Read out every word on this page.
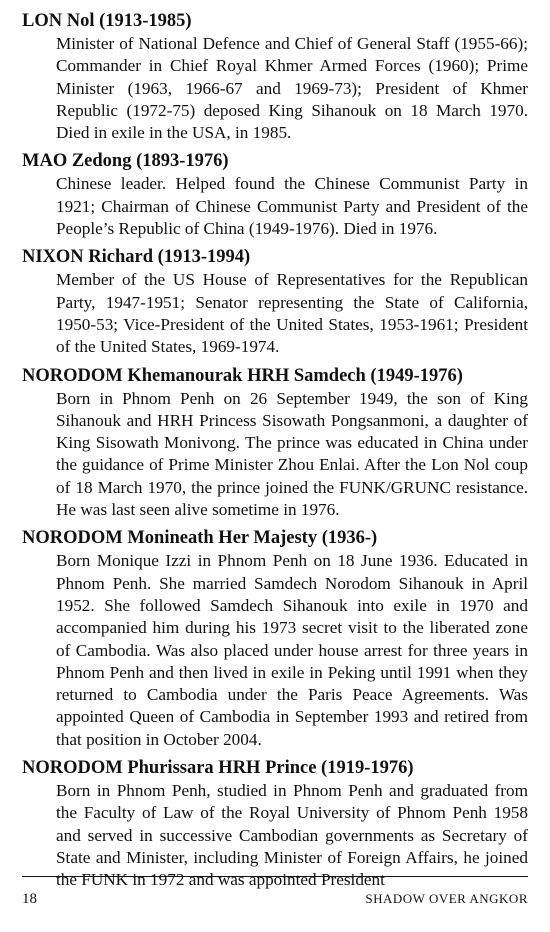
LON Nol (1913-1985)

Minister of National Defence and Chief of General Staff (1955-66); Commander in Chief Royal Khmer Armed Forces (1960); Prime Minister (1963, 1966-67 and 1969-73); President of Khmer Republic (1972-75) deposed King Sihanouk on 18 March 1970. Died in exile in the USA, in 1985.

MAO Zedong (1893-1976)

Chinese leader. Helped found the Chinese Communist Party in 1921; Chairman of Chinese Communist Party and President of the People’s Republic of China (1949-1976). Died in 1976.

NIXON Richard (1913-1994)

Member of the US House of Representatives for the Republican Party, 1947-1951; Senator representing the State of California, 1950-53; Vice-President of the United States, 1953-1961; President of the United States, 1969-1974.

NORODOM Khemanourak HRH Samdech (1949-1976)

Born in Phnom Penh on 26 September 1949, the son of King Sihanouk and HRH Princess Sisowath Pongsanmoni, a daughter of King Sisowath Monivong. The prince was educated in China under the guidance of Prime Minister Zhou Enlai. After the Lon Nol coup of 18 March 1970, the prince joined the FUNK/GRUNC resistance. He was last seen alive sometime in 1976.

NORODOM Monineath Her Majesty (1936-)

Born Monique Izzi in Phnom Penh on 18 June 1936. Educated in Phnom Penh. She married Samdech Norodom Sihanouk in April 1952. She followed Samdech Sihanouk into exile in 1970 and accompanied him during his 1973 secret visit to the liberated zone of Cambodia. Was also placed under house arrest for three years in Phnom Penh and then lived in exile in Peking until 1991 when they returned to Cambodia under the Paris Peace Agreements. Was appointed Queen of Cambodia in September 1993 and retired from that position in October 2004.

NORODOM Phurissara HRH Prince (1919-1976)

Born in Phnom Penh, studied in Phnom Penh and graduated from the Faculty of Law of the Royal University of Phnom Penh 1958 and served in successive Cambodian governments as Secretary of State and Minister, including Minister of Foreign Affairs, he joined the FUNK in 1972 and was appointed President

18	SHADOW OVER ANGKOR
